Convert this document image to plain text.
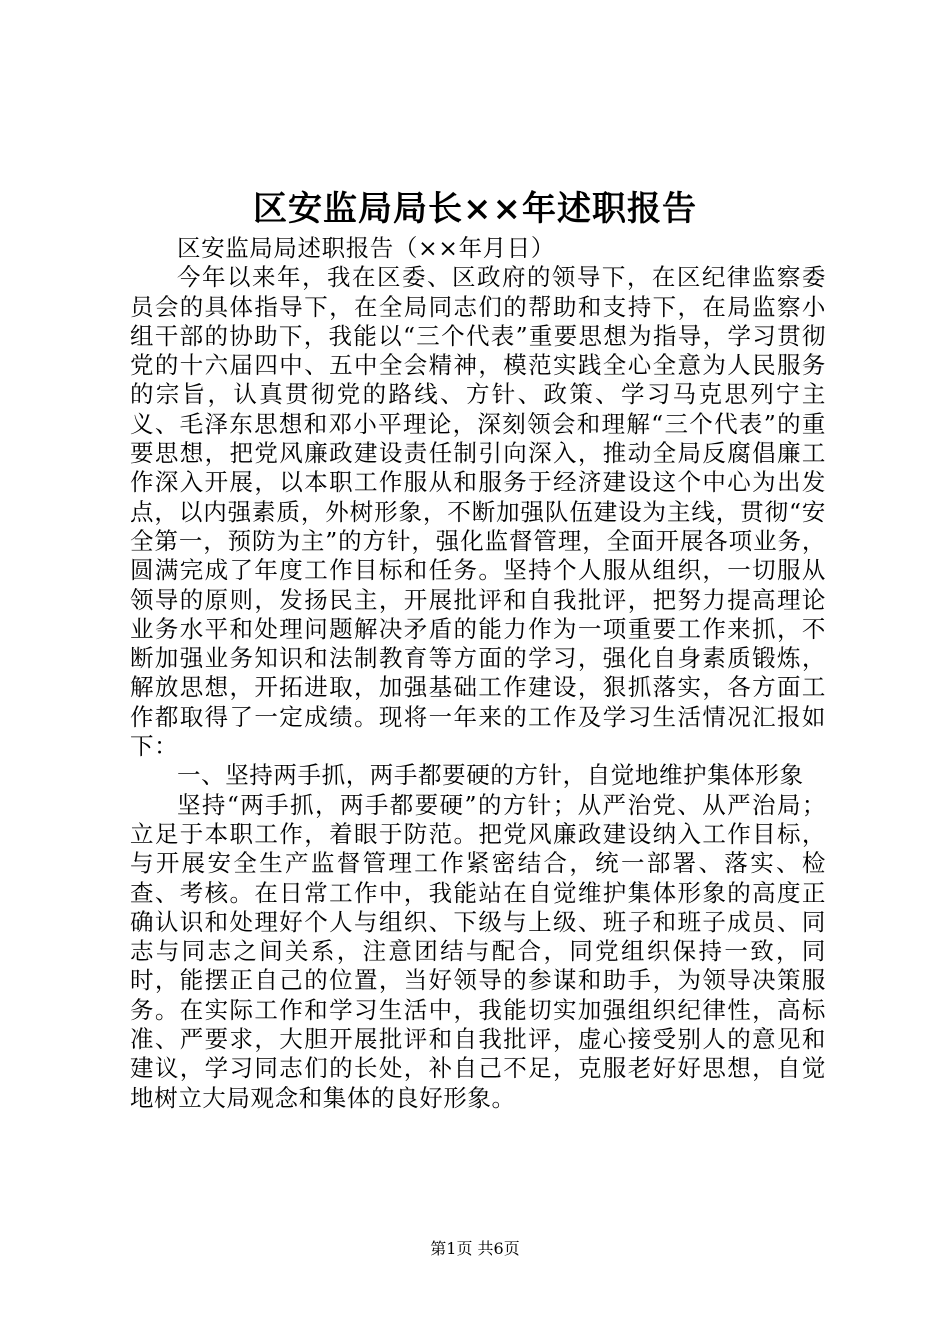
区安监局局长××年述职报告

区安监局局述职报告（××年月日）

今年以来年，我在区委、区政府的领导下，在区纪律监察委员会的具体指导下，在全局同志们的帮助和支持下，在局监察小组干部的协助下，我能以“三个代表”重要思想为指导，学习贯彻党的十六届四中、五中全会精神，模范实践全心全意为人民服务的宗旨，认真贯彻党的路线、方针、政策、学习马克思列宁主义、毛泽东思想和邓小平理论，深刻领会和理解“三个代表”的重要思想，把党风廉政建设责任制引向深入，推动全局反腐倡廉工作深入开展，以本职工作服从和服务于经济建设这个中心为出发点，以内强素质，外树形象，不断加强队伍建设为主线，贯彻“安全第一，预防为主”的方针，强化监督管理，全面开展各项业务，圆满完成了年度工作目标和任务。坚持个人服从组织，一切服从领导的原则，发扬民主，开展批评和自我批评，把努力提高理论业务水平和处理问题解决矛盾的能力作为一项重要工作来抓，不断加强业务知识和法制教育等方面的学习，强化自身素质锻炼，解放思想，开拓进取，加强基础工作建设，狠抓落实，各方面工作都取得了一定成绩。现将一年来的工作及学习生活情况汇报如下：

一、坚持两手抓，两手都要硬的方针，自觉地维护集体形象

坚持“两手抓，两手都要硬”的方针；从严治党、从严治局；立足于本职工作，着眼于防范。把党风廉政建设纳入工作目标，与开展安全生产监督管理工作紧密结合，统一部署、落实、检查、考核。在日常工作中，我能站在自觉维护集体形象的高度正确认识和处理好个人与组织、下级与上级、班子和班子成员、同志与同志之间关系，注意团结与配合，同党组织保持一致，同时，能摆正自己的位置，当好领导的参谋和助手，为领导决策服务。在实际工作和学习生活中，我能切实加强组织纪律性，高标准、严要求，大胆开展批评和自我批评，虚心接受别人的意见和建议，学习同志们的长处，补自己不足，克服老好好思想，自觉地树立大局观念和集体的良好形象。

第1页 共6页
